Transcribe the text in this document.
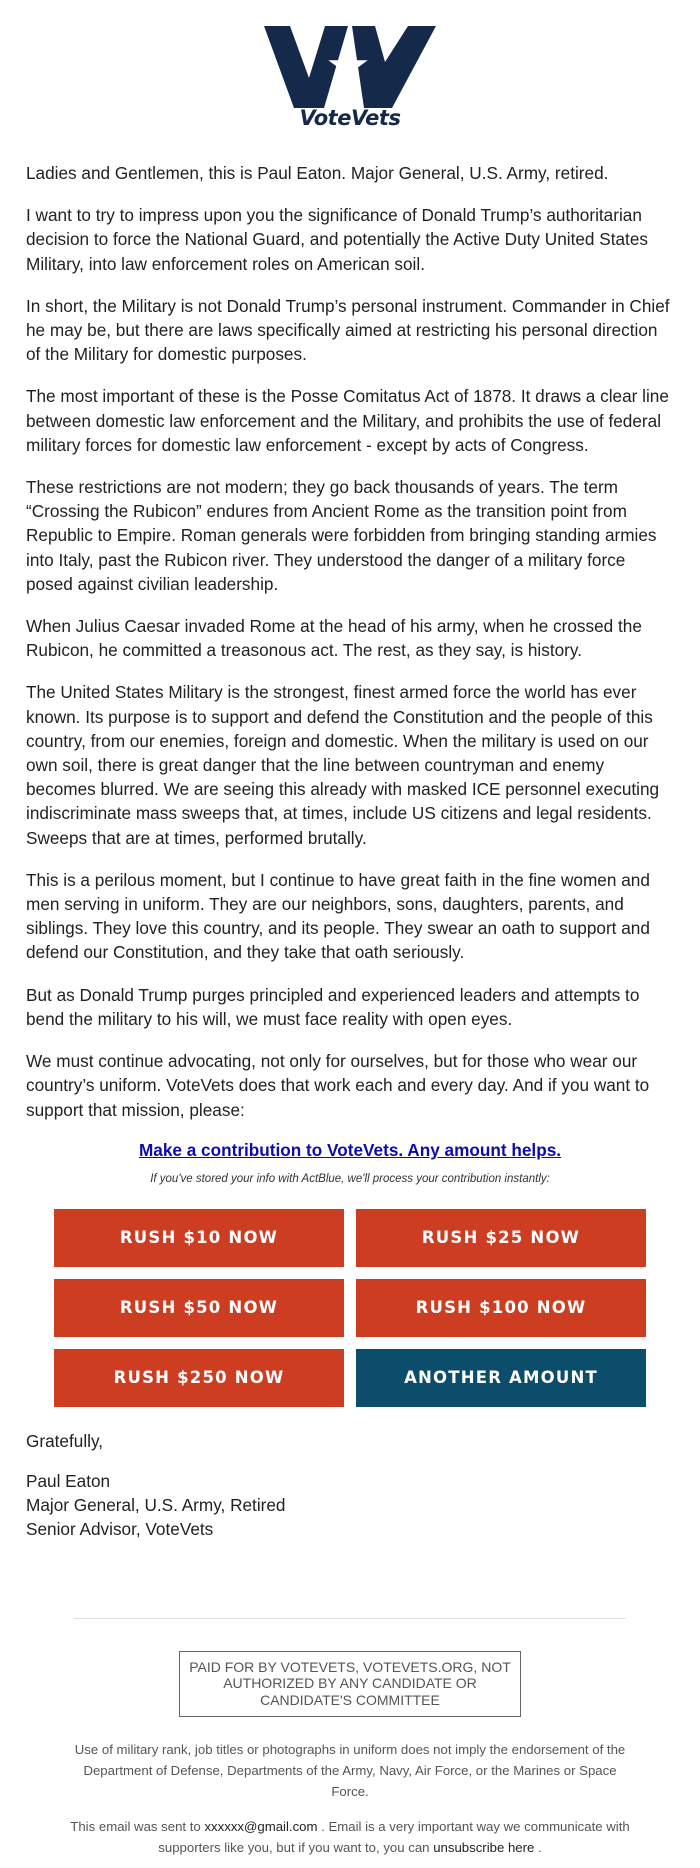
VoteVets

Ladies and Gentlemen, this is Paul Eaton. Major General, U.S. Army, retired.

I want to try to impress upon you the significance of Donald Trump’s authoritarian decision to force the National Guard, and potentially the Active Duty United States Military, into law enforcement roles on American soil.

In short, the Military is not Donald Trump’s personal instrument. Commander in Chief he may be, but there are laws specifically aimed at restricting his personal direction of the Military for domestic purposes.

The most important of these is the Posse Comitatus Act of 1878. It draws a clear line between domestic law enforcement and the Military, and prohibits the use of federal military forces for domestic law enforcement - except by acts of Congress.

These restrictions are not modern; they go back thousands of years. The term “Crossing the Rubicon” endures from Ancient Rome as the transition point from Republic to Empire. Roman generals were forbidden from bringing standing armies into Italy, past the Rubicon river. They understood the danger of a military force posed against civilian leadership.

When Julius Caesar invaded Rome at the head of his army, when he crossed the Rubicon, he committed a treasonous act. The rest, as they say, is history.

The United States Military is the strongest, finest armed force the world has ever known. Its purpose is to support and defend the Constitution and the people of this country, from our enemies, foreign and domestic. When the military is used on our own soil, there is great danger that the line between countryman and enemy becomes blurred. We are seeing this already with masked ICE personnel executing indiscriminate mass sweeps that, at times, include US citizens and legal residents. Sweeps that are at times, performed brutally.

This is a perilous moment, but I continue to have great faith in the fine women and men serving in uniform. They are our neighbors, sons, daughters, parents, and siblings. They love this country, and its people. They swear an oath to support and defend our Constitution, and they take that oath seriously.

But as Donald Trump purges principled and experienced leaders and attempts to bend the military to his will, we must face reality with open eyes.

We must continue advocating, not only for ourselves, but for those who wear our country’s uniform. VoteVets does that work each and every day. And if you want to support that mission, please:

Make a contribution to VoteVets. Any amount helps.
If you've stored your info with ActBlue, we'll process your contribution instantly:
RUSH $10 NOW	RUSH $25 NOW
RUSH $50 NOW	RUSH $100 NOW
RUSH $250 NOW	ANOTHER AMOUNT

Gratefully,

Paul Eaton
Major General, U.S. Army, Retired
Senior Advisor, VoteVets
PAID FOR BY VOTEVETS, VOTEVETS.ORG, NOT AUTHORIZED BY ANY CANDIDATE OR CANDIDATE'S COMMITTEE
Use of military rank, job titles or photographs in uniform does not imply the endorsement of the Department of Defense, Departments of the Army, Navy, Air Force, or the Marines or Space Force.
This email was sent to xxxxxx@gmail.com . Email is a very important way we communicate with supporters like you, but if you want to, you can unsubscribe here .
